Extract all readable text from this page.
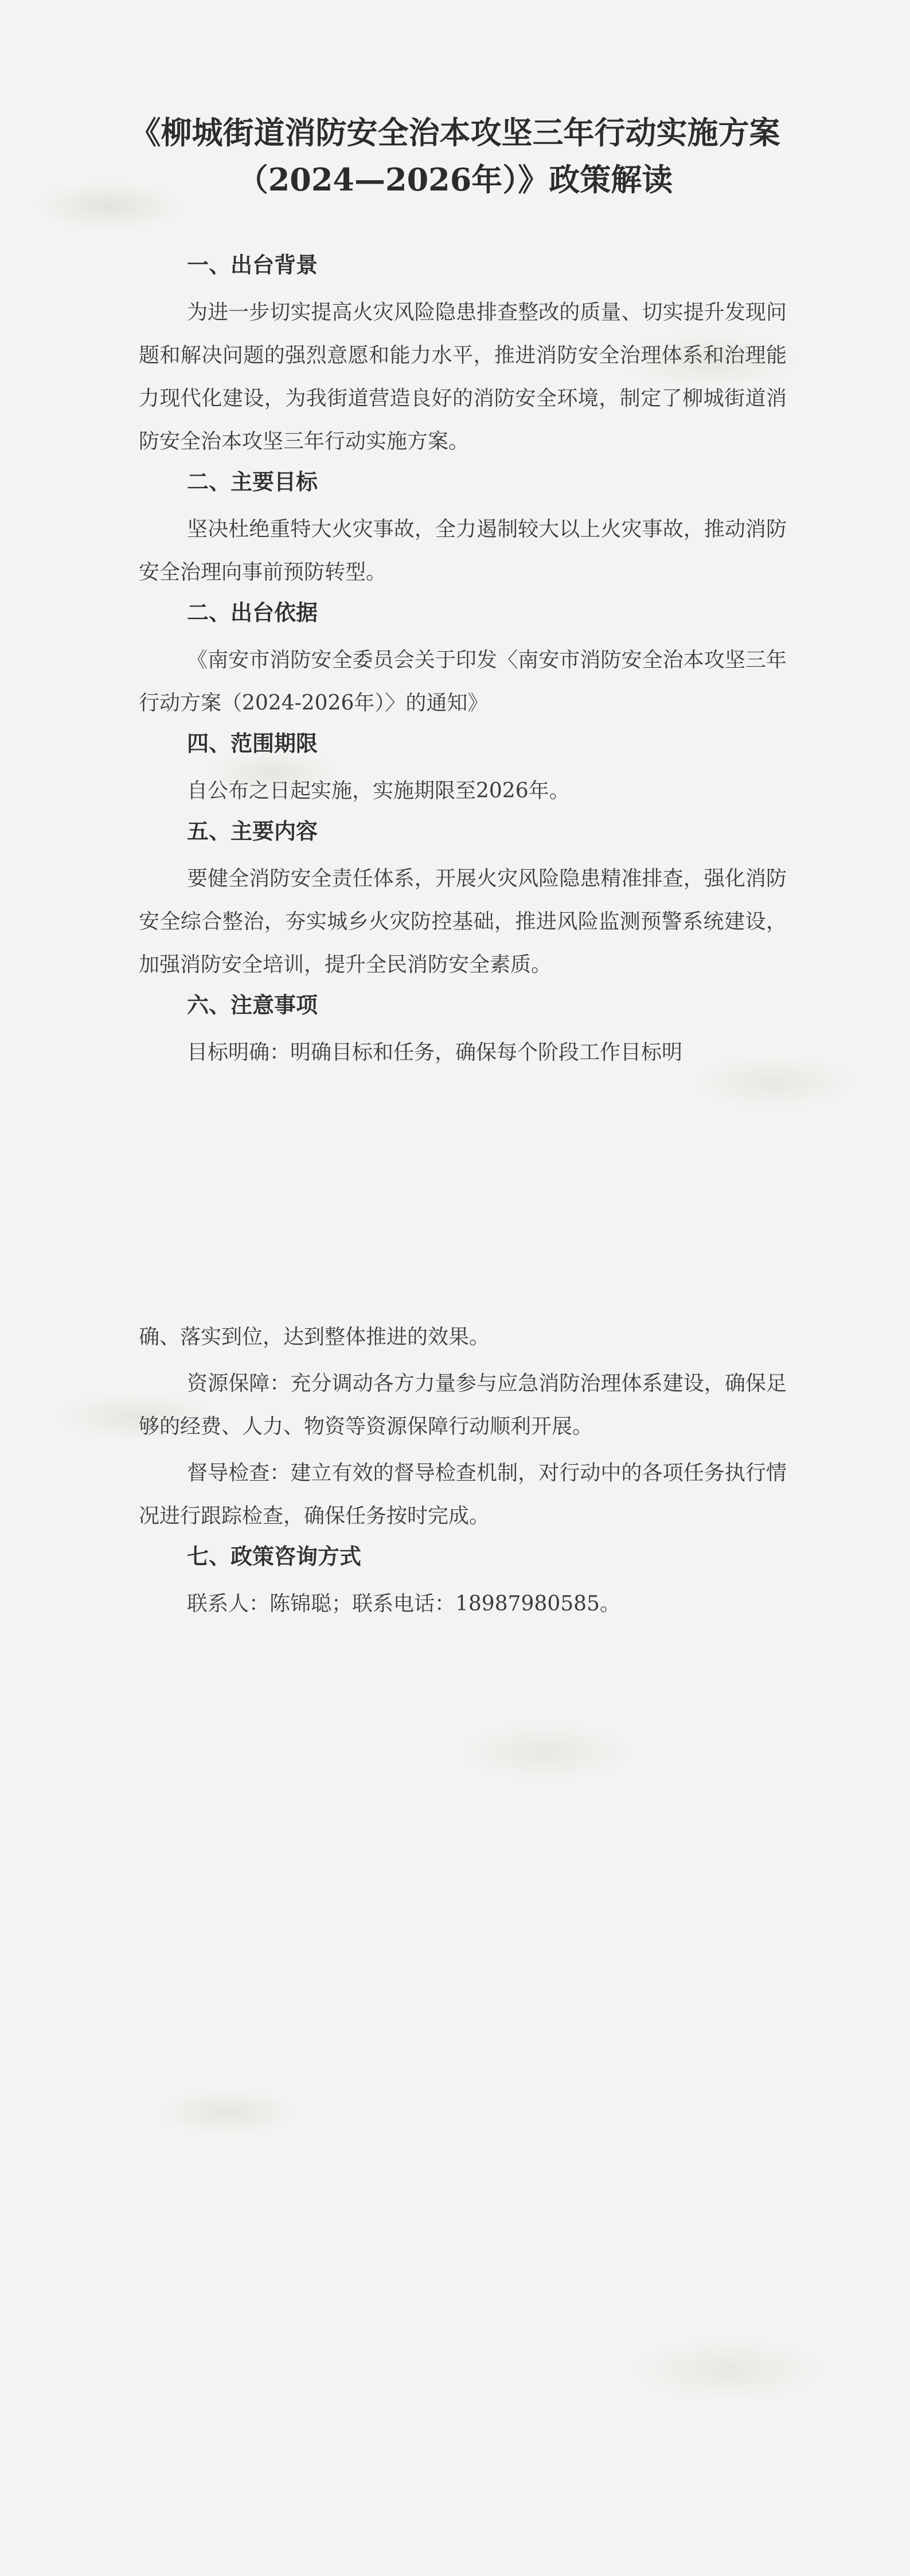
《柳城街道消防安全治本攻坚三年行动实施方案（2024—2026年）》政策解读
一、出台背景

为进一步切实提高火灾风险隐患排查整改的质量、切实提升发现问题和解决问题的强烈意愿和能力水平，推进消防安全治理体系和治理能力现代化建设，为我街道营造良好的消防安全环境，制定了柳城街道消防安全治本攻坚三年行动实施方案。

二、主要目标

坚决杜绝重特大火灾事故，全力遏制较大以上火灾事故，推动消防安全治理向事前预防转型。

二、出台依据

《南安市消防安全委员会关于印发〈南安市消防安全治本攻坚三年行动方案（2024-2026年）〉的通知》

四、范围期限

自公布之日起实施，实施期限至2026年。

五、主要内容

要健全消防安全责任体系，开展火灾风险隐患精准排查，强化消防安全综合整治，夯实城乡火灾防控基础，推进风险监测预警系统建设，加强消防安全培训，提升全民消防安全素质。

六、注意事项

目标明确：明确目标和任务，确保每个阶段工作目标明

确、落实到位，达到整体推进的效果。

资源保障：充分调动各方力量参与应急消防治理体系建设，确保足够的经费、人力、物资等资源保障行动顺利开展。

督导检查：建立有效的督导检查机制，对行动中的各项任务执行情况进行跟踪检查，确保任务按时完成。

七、政策咨询方式

联系人：陈锦聪；联系电话：18987980585。
